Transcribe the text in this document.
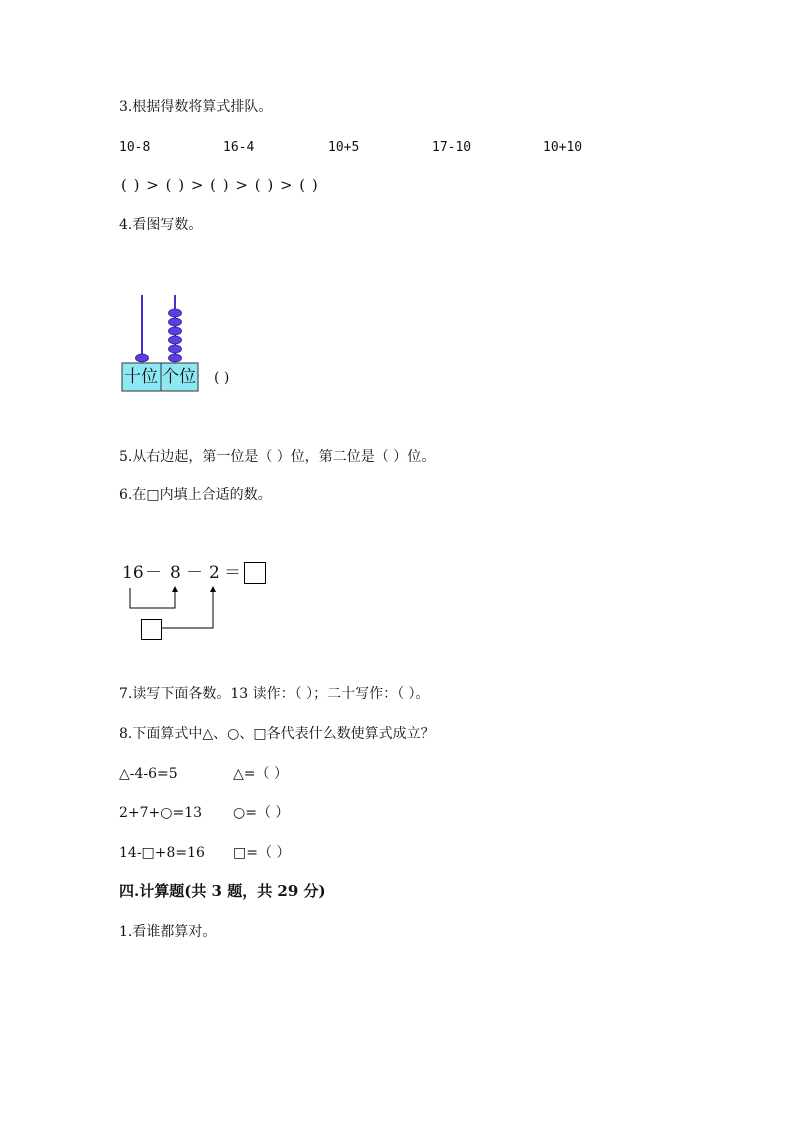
3.根据得数将算式排队。
10-8	16-4	10+5	17-10	10+10
( ) > ( ) > ( ) > ( ) > ( )
4.看图写数。
十位 个位 ( )
5.从右边起，第一位是（ ）位，第二位是（ ）位。
6.在□内填上合适的数。
16 － 8 － 2 ＝
7.读写下面各数。13 读作：（ ）；二十写作：（ ）。
8.下面算式中△、○、□各代表什么数使算式成立？
△-4-6=5	△=（ ）
2+7+○=13 ○=（ ）
14-□+8=16 □=（ ）
四.计算题(共 3 题，共 29 分)
1.看谁都算对。
